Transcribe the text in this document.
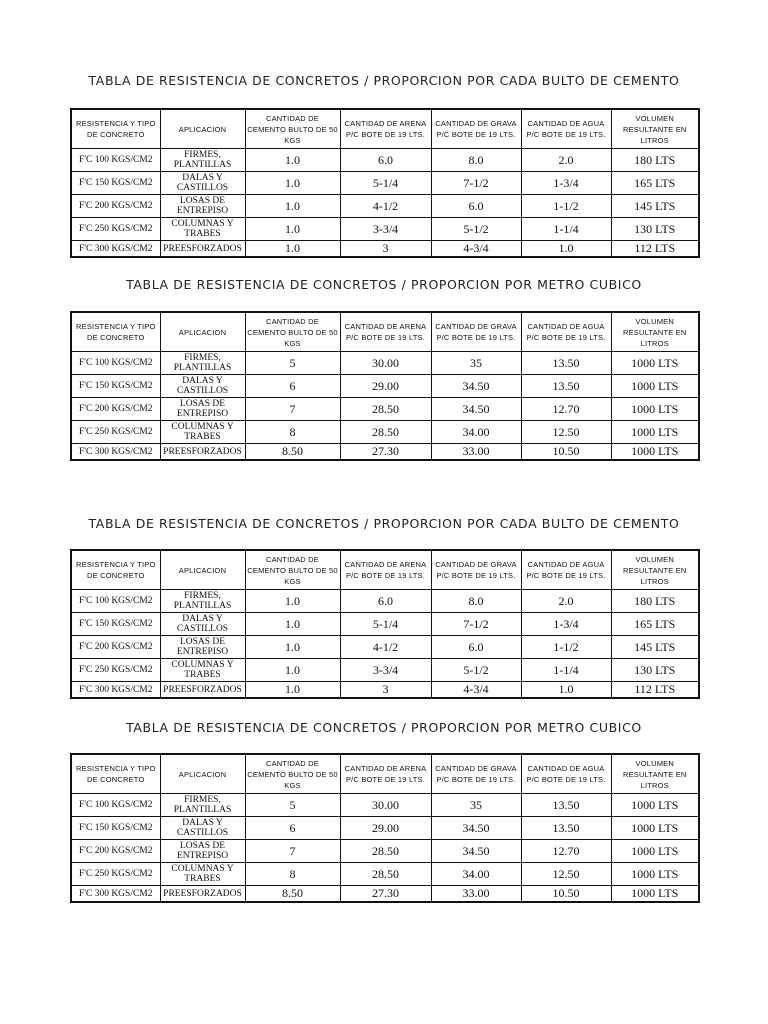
TABLA DE RESISTENCIA DE CONCRETOS / PROPORCION POR CADA BULTO DE CEMENTO
RESISTENCIA Y TIPO DE CONCRETO	APLICACION	CANTIDAD DE CEMENTO BULTO DE 50 KGS	CANTIDAD DE ARENA P/C BOTE DE 19 LTS.	CANTIDAD DE GRAVA P/C BOTE DE 19 LTS.	CANTIDAD DE AGUA P/C BOTE DE 19 LTS.	VOLUMEN RESULTANTE EN LITROS
F'C 100 KGS/CM2	FIRMES, PLANTILLAS	1.0	6.0	8.0	2.0	180 LTS
F'C 150 KGS/CM2	DALAS Y CASTILLOS	1.0	5-1/4	7-1/2	1-3/4	165 LTS
F'C 200 KGS/CM2	LOSAS DE ENTREPISO	1.0	4-1/2	6.0	1-1/2	145 LTS
F'C 250 KGS/CM2	COLUMNAS Y TRABES	1.0	3-3/4	5-1/2	1-1/4	130 LTS
F'C 300 KGS/CM2	PREESFORZADOS	1.0	3	4-3/4	1.0	112 LTS
TABLA DE RESISTENCIA DE CONCRETOS / PROPORCION POR METRO CUBICO
RESISTENCIA Y TIPO DE CONCRETO	APLICACION	CANTIDAD DE CEMENTO BULTO DE 50 KGS	CANTIDAD DE ARENA P/C BOTE DE 19 LTS.	CANTIDAD DE GRAVA P/C BOTE DE 19 LTS.	CANTIDAD DE AGUA P/C BOTE DE 19 LTS.	VOLUMEN RESULTANTE EN LITROS
F'C 100 KGS/CM2	FIRMES, PLANTILLAS	5	30.00	35	13.50	1000 LTS
F'C 150 KGS/CM2	DALAS Y CASTILLOS	6	29.00	34.50	13.50	1000 LTS
F'C 200 KGS/CM2	LOSAS DE ENTREPISO	7	28.50	34.50	12.70	1000 LTS
F'C 250 KGS/CM2	COLUMNAS Y TRABES	8	28.50	34.00	12.50	1000 LTS
F'C 300 KGS/CM2	PREESFORZADOS	8.50	27.30	33.00	10.50	1000 LTS
TABLA DE RESISTENCIA DE CONCRETOS / PROPORCION POR CADA BULTO DE CEMENTO
RESISTENCIA Y TIPO DE CONCRETO	APLICACION	CANTIDAD DE CEMENTO BULTO DE 50 KGS	CANTIDAD DE ARENA P/C BOTE DE 19 LTS.	CANTIDAD DE GRAVA P/C BOTE DE 19 LTS.	CANTIDAD DE AGUA P/C BOTE DE 19 LTS.	VOLUMEN RESULTANTE EN LITROS
F'C 100 KGS/CM2	FIRMES, PLANTILLAS	1.0	6.0	8.0	2.0	180 LTS
F'C 150 KGS/CM2	DALAS Y CASTILLOS	1.0	5-1/4	7-1/2	1-3/4	165 LTS
F'C 200 KGS/CM2	LOSAS DE ENTREPISO	1.0	4-1/2	6.0	1-1/2	145 LTS
F'C 250 KGS/CM2	COLUMNAS Y TRABES	1.0	3-3/4	5-1/2	1-1/4	130 LTS
F'C 300 KGS/CM2	PREESFORZADOS	1.0	3	4-3/4	1.0	112 LTS
TABLA DE RESISTENCIA DE CONCRETOS / PROPORCION POR METRO CUBICO
RESISTENCIA Y TIPO DE CONCRETO	APLICACION	CANTIDAD DE CEMENTO BULTO DE 50 KGS	CANTIDAD DE ARENA P/C BOTE DE 19 LTS.	CANTIDAD DE GRAVA P/C BOTE DE 19 LTS.	CANTIDAD DE AGUA P/C BOTE DE 19 LTS.	VOLUMEN RESULTANTE EN LITROS
F'C 100 KGS/CM2	FIRMES, PLANTILLAS	5	30.00	35	13.50	1000 LTS
F'C 150 KGS/CM2	DALAS Y CASTILLOS	6	29.00	34.50	13.50	1000 LTS
F'C 200 KGS/CM2	LOSAS DE ENTREPISO	7	28.50	34.50	12.70	1000 LTS
F'C 250 KGS/CM2	COLUMNAS Y TRABES	8	28.50	34.00	12.50	1000 LTS
F'C 300 KGS/CM2	PREESFORZADOS	8.50	27.30	33.00	10.50	1000 LTS
